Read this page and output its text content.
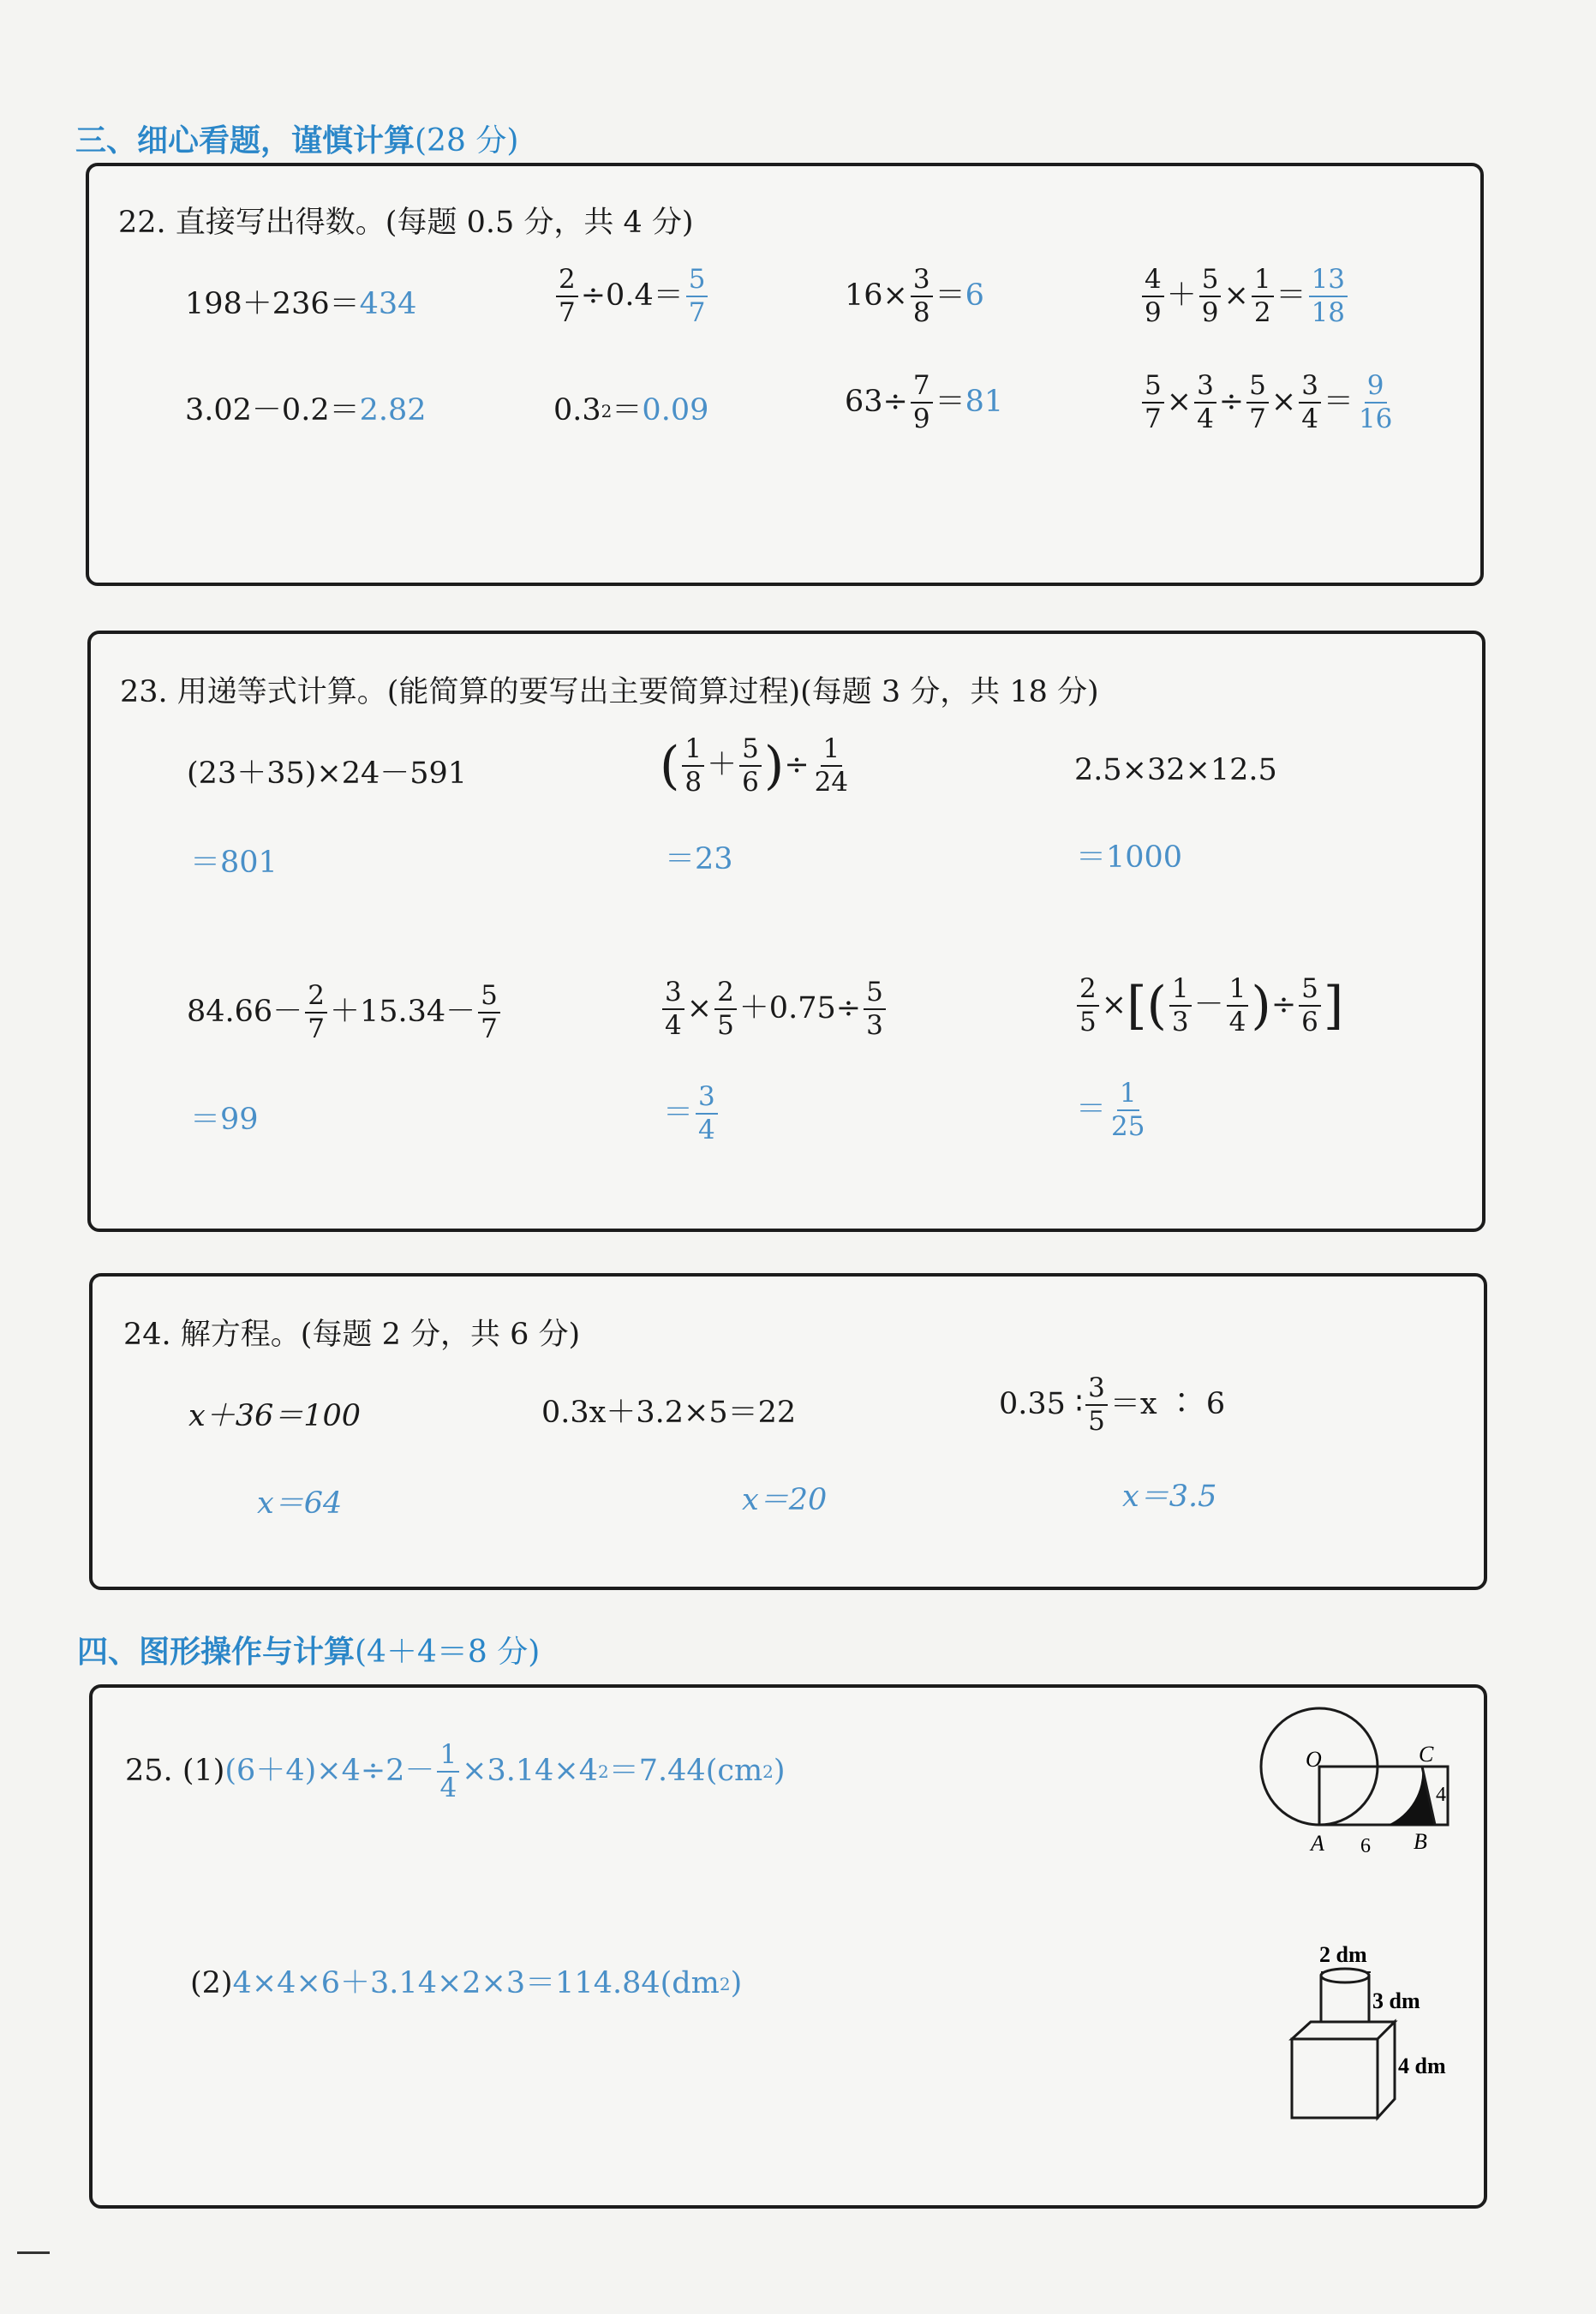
三、细心看题，谨慎计算(28 分)
22. 直接写出得数。(每题 0.5 分，共 4 分)
198＋236＝ 434	$\frac{2}{7} \div 0.4= \frac{5}{7}$	$16\times \frac{3}{8} = 6$	$\frac{4}{9} + \frac{5}{9} \times \frac{1}{2} = \frac{13}{18}$
3.02－0.2＝ 2.82	0.3 2 ＝ 0.09	$63\div \frac{7}{9} = 81$	$\frac{5}{7} \times \frac{3}{4} \div \frac{5}{7} \times \frac{3}{4} = \frac{9}{16}$
23. 用递等式计算。(能简算的要写出主要简算过程)(每题 3 分，共 18 分)
(23＋35)×24－591
＝801
( $\frac{1}{8} + \frac{5}{6}$ ) ÷ $\frac{1}{24}$
＝23
2.5×32×12.5
＝1000
$84.66- \frac{2}{7} +15.34- \frac{5}{7}$
＝99
$\frac{3}{4} \times \frac{2}{5} +0.75\div \frac{5}{3}$
＝ $\frac{3}{4}$
$\frac{2}{5}$ × [ ( $\frac{1}{3} - \frac{1}{4}$ ) ÷ $\frac{5}{6}$ ]
＝ $\frac{1}{25}$
24. 解方程。(每题 2 分，共 6 分)
x＋36＝100
x＝64
0.3x＋3.2×5＝22
x＝20
0.35 ∶ $\frac{3}{5} =x$ ∶ 6
x＝3.5
四、图形操作与计算(4＋4＝8 分)
25.
(1) $(6+4)\times 4\div 2- \frac{1}{4} \times 3.14\times 4$ 2 ＝7.44(cm 2 )
(2) 4×4×6＋3.14×2×3＝114.84(dm 2 )
O	C
4
A 6 B
2 dm
3 dm
4 dm
